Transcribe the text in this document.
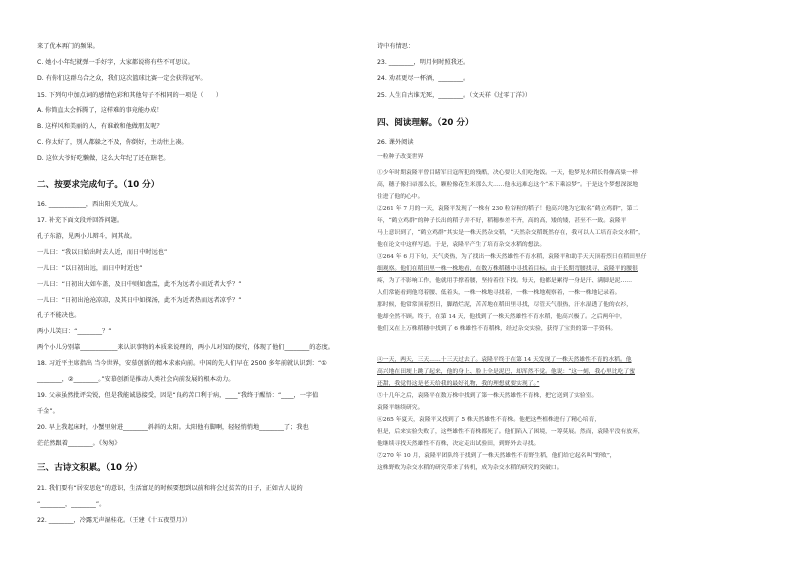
来了优本再门的频果。
C. 她小小年纪就弹一手好字，大家都说将有些不可思议。
D. 有你们这群乌合之众，我们这次篮球比赛一定会获得冠军。
15. 下列句中加点词的感情色彩和其他句子不相同的一项是（　　）
A. 你简直太会拆腾了，这样难的事竟能办成！
B. 这样风和美丽的人，有谁敢和他做朋友呢？
C. 你太好了，别人都躲之不及，你倒好，主动往上凑。
D. 这位大爷好吃懒做，这么大年纪了还在瞎老。
二、按要求完成句子。（10 分）
16. ____________，西出阳关无故人。
17. 补充下面文段并回答问题。
孔子东游，见两小儿辩斗，问其故。
一儿曰：“我以日始出时去人近，而日中时远也”
一儿曰：“以日初出远，而日中时近也”
一儿曰：“日初出大如车盖，及日中则如盘盂，此不为远者小而近者大乎？”
一儿曰：“日初出沧沧凉凉，及其日中如探汤，此不为近者热而远者凉乎？”
孔子不能决也。
两小儿笑曰：“________？”
两个小儿分别靠____________来认识事物的本质来说理的，两小儿对知的探究，体现了他们________的态度。
18. 习近平主席指出 当今世界，安慕创新的精本求索向前。中国的先人们早在 2500 多年前就认识到：“①
________，②________。”安慕创新是推动人类社会向前发展的根本动力。
19. 父亲虽然批评尖锐，但是我能诚恳接受，因是“良药苦口利于病，____”我终于醒悟：“____，一字值
千金”。
20. 早上我起床时，小蟹里射进________斜斜的太阳。太阳他有脚啊，轻轻悄悄地________了；我也
茫茫然跟着________。《匆匆》
三、古诗文积累。（10 分）
21. 我们要有“居安思危”的意识，生活富足的时候要想到以前和将会过贫苦的日子，正如古人说的
“________，________”。
22. ________，冷露无声湿桂花。（王建《十五夜望月》）
诗中有情思：
23. ________，明月何时照我还。
24. 劝君更尽一杯酒，________。
25. 人生自古谁无死，________。（文天祥《过零丁洋》）
四、阅读理解。（20 分）
26. 课外阅读
一粒种子改变世界
①少年时期袁隆平曾目睹军日寇所犯的残酷，决心要让人们吃饱饭。一天，他梦见水稻长得像高粱一样
高，穗子像扫帚那么长，颗粒像花生米那么大……他永远难忘这个“禾下乘凉梦”。于是这个梦想深深地
住进了他的心中。
②261 年 7 月的一天，袁隆平发现了一株有 230 粒谷粒的稻子！他高兴地为它取名“鹤立鸡群”，第二
年，“鹤立鸡群”的种子长出的稻子并不好，稻穗参差不齐，高的高，矮的矮，甚至不一致。袁隆平
马上意识到了，“鹤立鸡群”其实是一株天然杂交稻，“天然杂交稻既然存在，我可以人工培育杂交水稻”，
他在论文中这样写道。于是，袁隆平产生了培育杂交水稻的想法。
③264 年 6 月下旬，天气炎热，为了找出一株天然雄性不育水稻，袁隆平和助手天天顶着烈日在稻田里仔
细观察。他们在稻田里一株一株地看，在数万株稻穗中寻找着目标。由于长期弯腰找寻，袁隆平的腰很
疼，为了不影响工作，他就用手撑着腰，坚持着往下找。每天，他都是累得一身是汗、满脚是泥……
人们常能看到他弯着腰、低着头，一株一株地寻找着，一株一株地观察着，一株一株地记录着。
那时候，他常常顶着烈日，脚踏烂泥，苦苦地在稻田里寻找，尽管天气很热，汗水湿透了他的衣衫，
他却全然不顾。终于，在第 14 天，他找到了一株天然雄性不育水稻，他高兴极了。之后两年中，
他们又在上万株稻穗中找到了 6 株雄性不育稻株，经过杂交实验，获得了宝贵的第一手资料。
④一天，两天，三天……十三天过去了。袁隆平终于在第 14 天发现了一株天然雄性不育的水稻。他
高兴地在田埂上跳了起来，他的身上、脸上全是泥巴，却浑然不觉。他说：“这一刻，我心里比吃了蜜
还甜，我觉得这是老天给我的最好礼物，我的理想就要实现了。”
⑤十几年之后，袁隆平在数万株中找到了第一株天然雄性不育株，把它送到了实验室。
袁隆平继续研究。
⑥265 年夏天，袁隆平又找到了 5 株天然雄性不育株。他把这些植株进行了精心培育，
但是，后来实验失败了，这些雄性不育株都死了。他们陷入了困境，一筹莫展。然而，袁隆平没有放弃，
他继续寻找天然雄性不育株，决定走出试验田，到野外去寻找。
⑦270 年 10 月，袁隆平团队终于找到了一株天然雄性不育野生稻，他们给它起名叫“野败”，
这株野败为杂交水稻的研究带来了转机，成为杂交水稻的研究的突破口。
